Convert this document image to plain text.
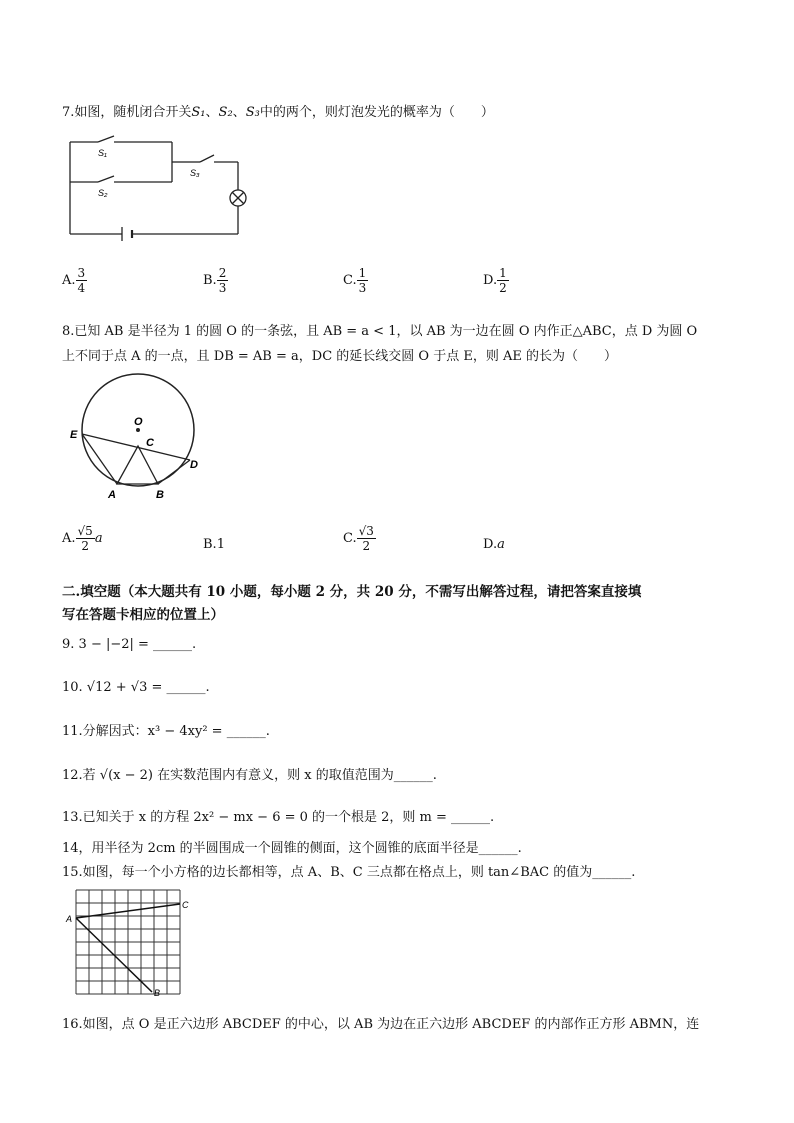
7.如图，随机闭合开关S₁、S₂、S₃中的两个，则灯泡发光的概率为（　　）
S₁
S₂
S₃
A. $\frac{3}{4}$	B. $\frac{2}{3}$	C. $\frac{1}{3}$	D. $\frac{1}{2}$
8.已知 AB 是半径为 1 的圆 O 的一条弦，且 AB = a < 1，以 AB 为一边在圆 O 内作正△ABC，点 D 为圆 O
上不同于点 A 的一点，且 DB = AB = a，DC 的延长线交圆 O 于点 E，则 AE 的长为（　　）
O
C
E
D
A	B
A. $\frac{√5}{2}$ a	B.1	C. $\frac{√3}{2}$	D.a
二.填空题（本大题共有 10 小题，每小题 2 分，共 20 分，不需写出解答过程，请把答案直接填
写在答题卡相应的位置上）
9. 3 − |−2| = ______.
10. √12 + √3 = ______.
11.分解因式：x³ − 4xy² = ______.
12.若 √(x − 2) 在实数范围内有意义，则 x 的取值范围为______.
13.已知关于 x 的方程 2x² − mx − 6 = 0 的一个根是 2，则 m = ______.
14，用半径为 2cm 的半圆围成一个圆锥的侧面，这个圆锥的底面半径是______.
15.如图，每一个小方格的边长都相等，点 A、B、C 三点都在格点上，则 tan∠BAC 的值为______.
A
B
C
16.如图，点 O 是正六边形 ABCDEF 的中心，以 AB 为边在正六边形 ABCDEF 的内部作正方形 ABMN，连
